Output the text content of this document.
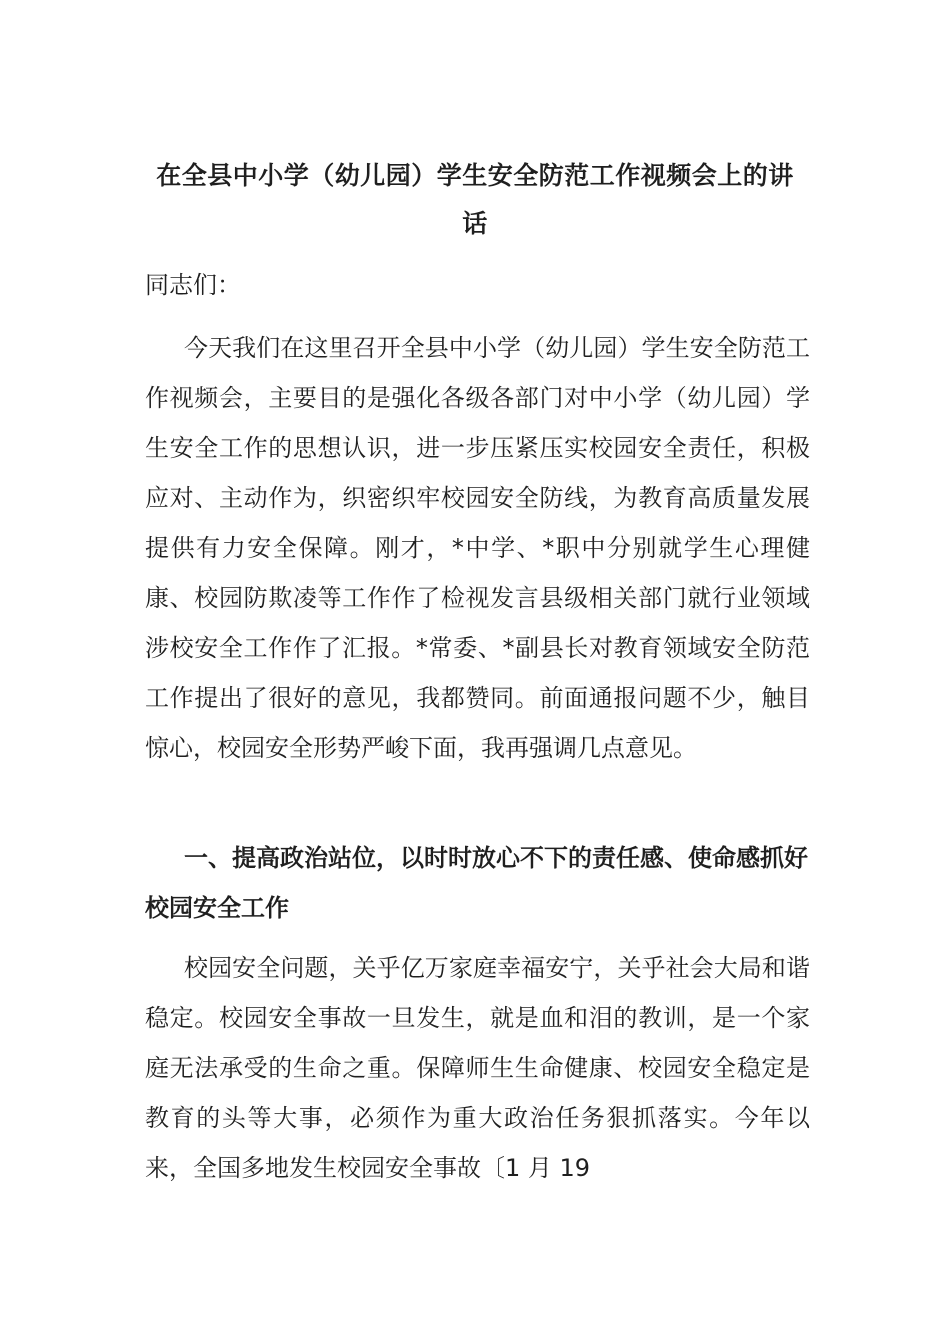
在全县中小学（幼儿园）学生安全防范工作视频会上的讲话
同志们：
今天我们在这里召开全县中小学（幼儿园）学生安全防范工作视频会，主要目的是强化各级各部门对中小学（幼儿园）学生安全工作的思想认识，进一步压紧压实校园安全责任，积极应对、主动作为，织密织牢校园安全防线，为教育高质量发展提供有力安全保障。刚才，*中学、*职中分别就学生心理健康、校园防欺凌等工作作了检视发言县级相关部门就行业领域涉校安全工作作了汇报。*常委、*副县长对教育领域安全防范工作提出了很好的意见，我都赞同。前面通报问题不少，触目惊心，校园安全形势严峻下面，我再强调几点意见。
一、提高政治站位，以时时放心不下的责任感、使命感抓好校园安全工作
校园安全问题，关乎亿万家庭幸福安宁，关乎社会大局和谐稳定。校园安全事故一旦发生，就是血和泪的教训，是一个家庭无法承受的生命之重。保障师生生命健康、校园安全稳定是教育的头等大事，必须作为重大政治任务狠抓落实。今年以来，全国多地发生校园安全事故〔1 月 19
